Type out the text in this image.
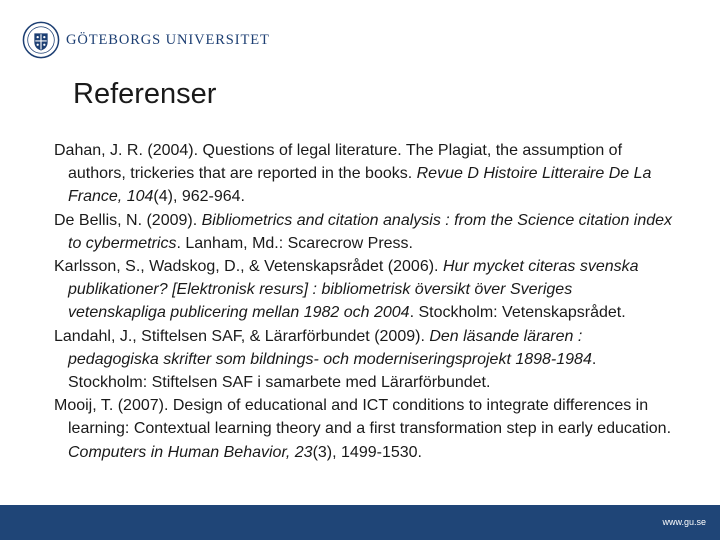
GÖTEBORGS UNIVERSITET
Referenser

Dahan, J. R. (2004). Questions of legal literature. The Plagiat, the assumption of authors, trickeries that are reported in the books. Revue D Histoire Litteraire De La France, 104(4), 962-964.

De Bellis, N. (2009). Bibliometrics and citation analysis : from the Science citation index to cybermetrics. Lanham, Md.: Scarecrow Press.

Karlsson, S., Wadskog, D., & Vetenskapsrådet (2006). Hur mycket citeras svenska publikationer? [Elektronisk resurs] : bibliometrisk översikt över Sveriges vetenskapliga publicering mellan 1982 och 2004. Stockholm: Vetenskapsrådet.

Landahl, J., Stiftelsen SAF, & Lärarförbundet (2009). Den läsande läraren : pedagogiska skrifter som bildnings- och moderniseringsprojekt 1898-1984. Stockholm: Stiftelsen SAF i samarbete med Lärarförbundet.

Mooij, T. (2007). Design of educational and ICT conditions to integrate differences in learning: Contextual learning theory and a first transformation step in early education. Computers in Human Behavior, 23(3), 1499-1530.

www.gu.se
